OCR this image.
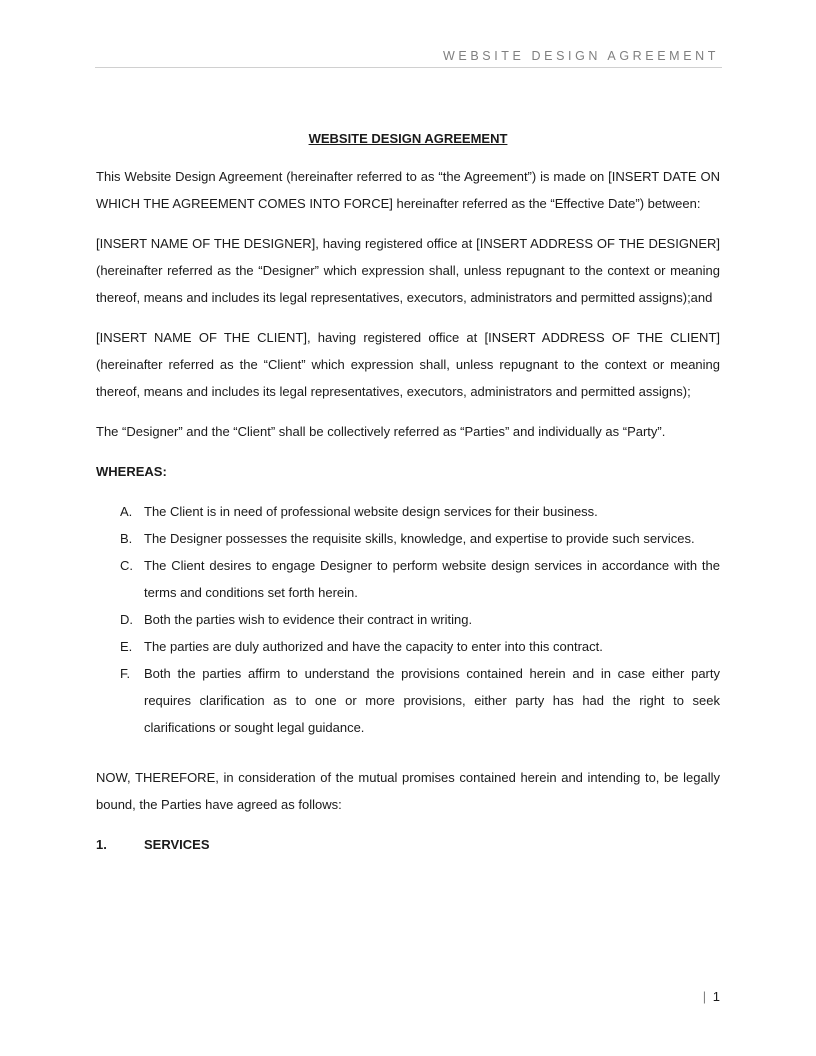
WEBSITE DESIGN AGREEMENT
WEBSITE DESIGN AGREEMENT

This Website Design Agreement (hereinafter referred to as “the Agreement”) is made on [INSERT DATE ON WHICH THE AGREEMENT COMES INTO FORCE] hereinafter referred as the “Effective Date”) between:

[INSERT NAME OF THE DESIGNER], having registered office at [INSERT ADDRESS OF THE DESIGNER] (hereinafter referred as the “Designer” which expression shall, unless repugnant to the context or meaning thereof, means and includes its legal representatives, executors, administrators and permitted assigns);and

[INSERT NAME OF THE CLIENT], having registered office at [INSERT ADDRESS OF THE CLIENT] (hereinafter referred as the “Client” which expression shall, unless repugnant to the context or meaning thereof, means and includes its legal representatives, executors, administrators and permitted assigns);

The “Designer” and the “Client” shall be collectively referred as “Parties” and individually as “Party”.

WHEREAS:
A. The Client is in need of professional website design services for their business.
B. The Designer possesses the requisite skills, knowledge, and expertise to provide such services.
C. The Client desires to engage Designer to perform website design services in accordance with the terms and conditions set forth herein.
D. Both the parties wish to evidence their contract in writing.
E. The parties are duly authorized and have the capacity to enter into this contract.
F.	Both the parties affirm to understand the provisions contained herein and in case either party requires clarification as to one or more provisions, either party has had the right to seek clarifications or sought legal guidance.

NOW, THEREFORE, in consideration of the mutual promises contained herein and intending to, be legally bound, the Parties have agreed as follows:

1.	SERVICES
| 1
